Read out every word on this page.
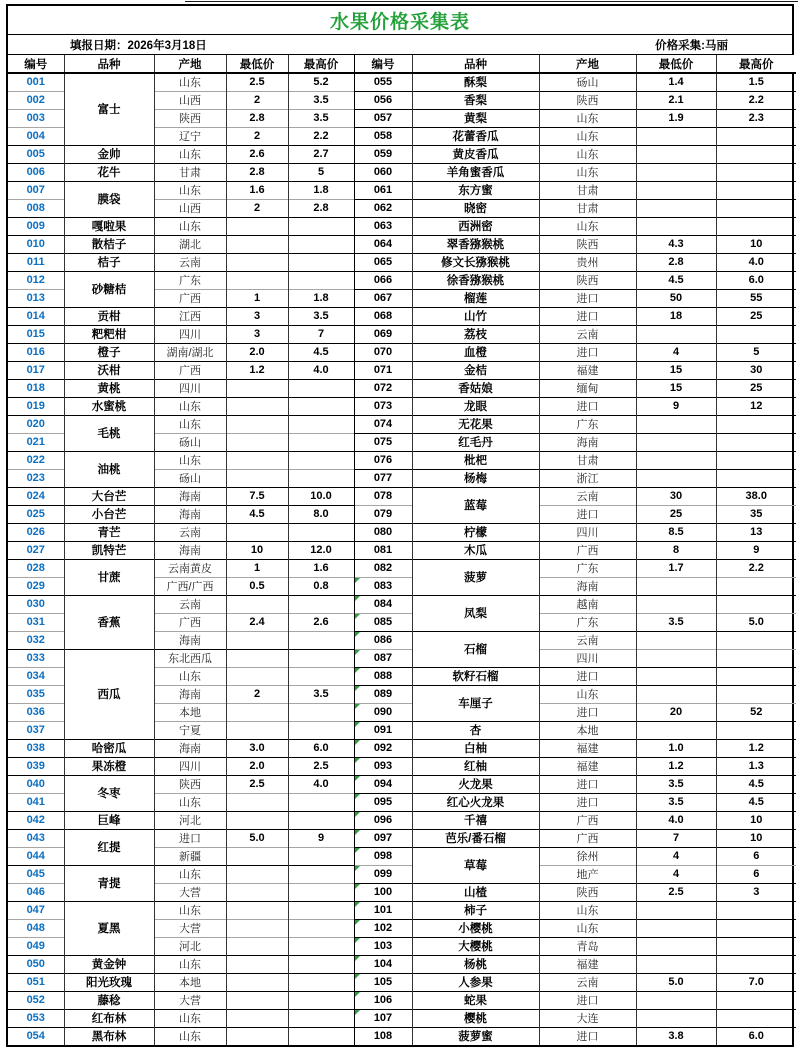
水果价格采集表
填报日期：2026年3月18日	价格采集:马丽
编号	品种	产地	最低价	最高价	编号	品种	产地	最低价	最高价
001	富士	山东	2.5	5.2	055	酥梨	砀山	1.4	1.5
002		山西	2	3.5	056	香梨	陕西	2.1	2.2
003		陕西	2.8	3.5	057	黄梨	山东	1.9	2.3
004		辽宁	2	2.2	058	花蕾香瓜	山东		
005	金帅	山东	2.6	2.7	059	黄皮香瓜	山东		
006	花牛	甘肃	2.8	5	060	羊角蜜香瓜	山东		
007	膜袋	山东	1.6	1.8	061	东方蜜	甘肃		
008		山西	2	2.8	062	晓密	甘肃		
009	嘎啦果	山东			063	西洲密	山东		
010	散桔子	湖北			064	翠香猕猴桃	陕西	4.3	10
011	桔子	云南			065	修文长猕猴桃	贵州	2.8	4.0
012	砂糖桔	广东			066	徐香猕猴桃	陕西	4.5	6.0
013		广西	1	1.8	067	榴莲	进口	50	55
014	贡柑	江西	3	3.5	068	山竹	进口	18	25
015	粑粑柑	四川	3	7	069	荔枝	云南		
016	橙子	湖南/湖北	2.0	4.5	070	血橙	进口	4	5
017	沃柑	广西	1.2	4.0	071	金桔	福建	15	30
018	黄桃	四川			072	香姑娘	缅甸	15	25
019	水蜜桃	山东			073	龙眼	进口	9	12
020	毛桃	山东			074	无花果	广东		
021		砀山			075	红毛丹	海南		
022	油桃	山东			076	枇杷	甘肃		
023		砀山			077	杨梅	浙江		
024	大台芒	海南	7.5	10.0	078	蓝莓	云南	30	38.0
025	小台芒	海南	4.5	8.0	079		进口	25	35
026	青芒	云南			080	柠檬	四川	8.5	13
027	凯特芒	海南	10	12.0	081	木瓜	广西	8	9
028	甘蔗	云南黄皮	1	1.6	082	菠萝	广东	1.7	2.2
029		广西/广西	0.5	0.8	083		海南		
030	香蕉	云南			084	凤梨	越南		
031		广西	2.4	2.6	085		广东	3.5	5.0
032		海南			086	石榴	云南		
033	西瓜	东北西瓜			087		四川		
034		山东			088	软籽石榴	进口		
035		海南	2	3.5	089	车厘子	山东		
036		本地			090		进口	20	52
037		宁夏			091	杏	本地		
038	哈密瓜	海南	3.0	6.0	092	白柚	福建	1.0	1.2
039	果冻橙	四川	2.0	2.5	093	红柚	福建	1.2	1.3
040	冬枣	陕西	2.5	4.0	094	火龙果	进口	3.5	4.5
041		山东			095	红心火龙果	进口	3.5	4.5
042	巨峰	河北			096	千禧	广西	4.0	10
043	红提	进口	5.0	9	097	芭乐/番石榴	广西	7	10
044		新疆			098	草莓	徐州	4	6
045	青提	山东			099		地产	4	6
046		大营			100	山楂	陕西	2.5	3
047	夏黑	山东			101	柿子	山东		
048		大营			102	小樱桃	山东		
049		河北			103	大樱桃	青岛		
050	黄金钟	山东			104	杨桃	福建		
051	阳光玫瑰	本地			105	人参果	云南	5.0	7.0
052	藤稔	大营			106	蛇果	进口		
053	红布林	山东			107	樱桃	大连		
054	黑布林	山东			108	菠萝蜜	进口	3.8	6.0
